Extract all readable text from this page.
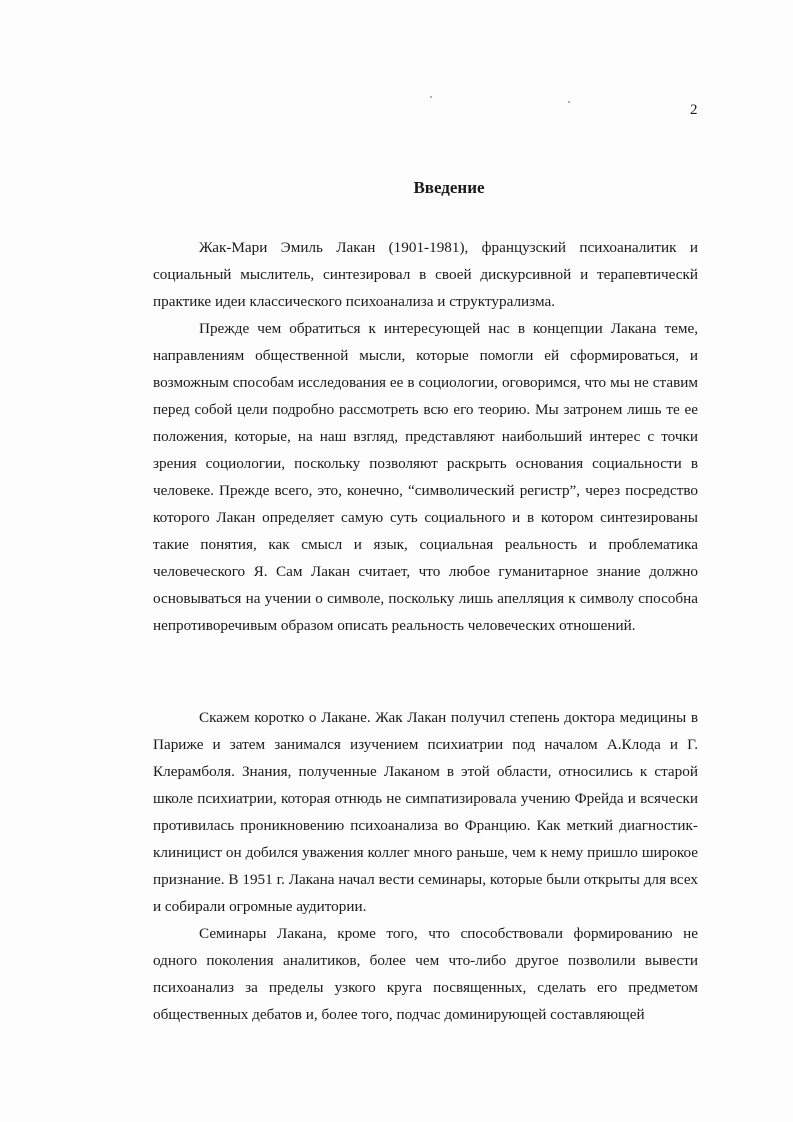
2
Введение

Жак-Мари Эмиль Лакан (1901-1981), французский психоаналитик и социальный мыслитель, синтезировал в своей дискурсивной и терапевтическй практике идеи классического психоанализа и структурализма.

Прежде чем обратиться к интересующей нас в концепции Лакана теме, направлениям общественной мысли, которые помогли ей сформироваться, и возможным способам исследования ее в социологии, оговоримся, что мы не ставим перед собой цели подробно рассмотреть всю его теорию. Мы затронем лишь те ее положения, которые, на наш взгляд, представляют наибольший интерес с точки зрения социологии, поскольку позволяют раскрыть основания социальности в человеке. Прежде всего, это, конечно, “символический регистр”, через посредство которого Лакан определяет самую суть социального и в котором синтезированы такие понятия, как смысл и язык, социальная реальность и проблематика человеческого Я. Сам Лакан считает, что любое гуманитарное знание должно основываться на учении о символе, поскольку лишь апелляция к символу способна непротиворечивым образом описать реальность человеческих отношений.

Скажем коротко о Лакане. Жак Лакан получил степень доктора медицины в Париже и затем занимался изучением психиатрии под началом А.Клода и Г. Клерамболя. Знания, полученные Лаканом в этой области, относились к старой школе психиатрии, которая отнюдь не симпатизировала учению Фрейда и всячески противилась проникновению психоанализа во Францию. Как меткий диагностик-клиницист он добился уважения коллег много раньше, чем к нему пришло широкое признание. В 1951 г. Лакана начал вести семинары, которые были открыты для всех и собирали огромные аудитории.

Семинары Лакана, кроме того, что способствовали формированию не одного поколения аналитиков, более чем что-либо другое позволили вывести психоанализ за пределы узкого круга посвященных, сделать его предметом общественных дебатов и, более того, подчас доминирующей составляющей
